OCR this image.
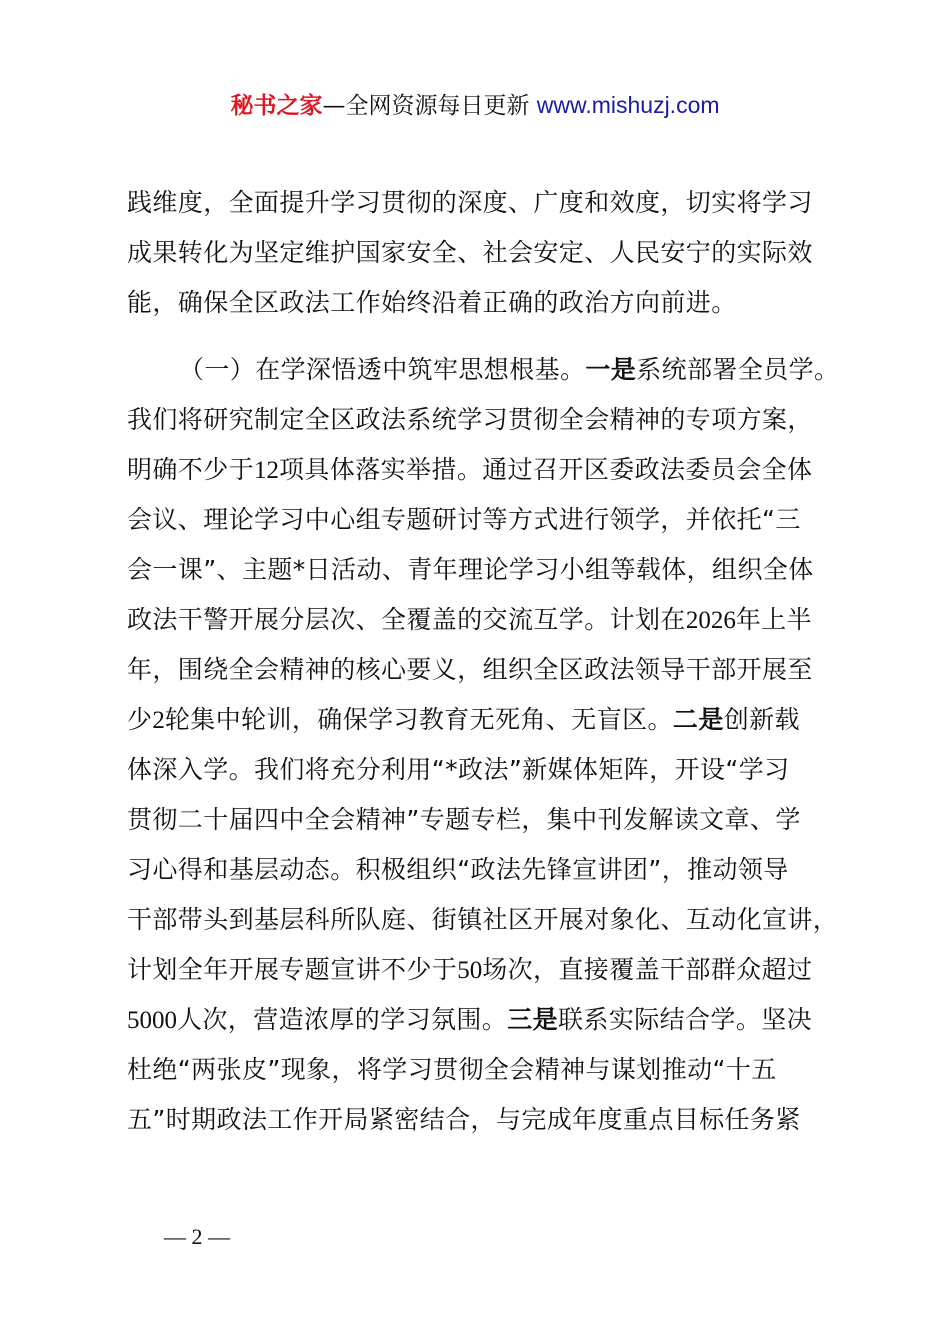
秘书之家—全网资源每日更新 www.mishuzj.com
践维度，全面提升学习贯彻的深度、广度和效度，切实将学习
成果转化为坚定维护国家安全、社会安定、人民安宁的实际效
能，确保全区政法工作始终沿着正确的政治方向前进。
（一）在学深悟透中筑牢思想根基。一是系统部署全员学。
我们将研究制定全区政法系统学习贯彻全会精神的专项方案，
明确不少于12项具体落实举措。通过召开区委政法委员会全体
会议、理论学习中心组专题研讨等方式进行领学，并依托“三
会一课”、主题*日活动、青年理论学习小组等载体，组织全体
政法干警开展分层次、全覆盖的交流互学。计划在2026年上半
年，围绕全会精神的核心要义，组织全区政法领导干部开展至
少2轮集中轮训，确保学习教育无死角、无盲区。二是创新载
体深入学。我们将充分利用“*政法”新媒体矩阵，开设“学习
贯彻二十届四中全会精神”专题专栏，集中刊发解读文章、学
习心得和基层动态。积极组织“政法先锋宣讲团”，推动领导
干部带头到基层科所队庭、街镇社区开展对象化、互动化宣讲，
计划全年开展专题宣讲不少于50场次，直接覆盖干部群众超过
5000人次，营造浓厚的学习氛围。三是联系实际结合学。坚决
杜绝“两张皮”现象，将学习贯彻全会精神与谋划推动“十五
五”时期政法工作开局紧密结合，与完成年度重点目标任务紧
— 2 —
